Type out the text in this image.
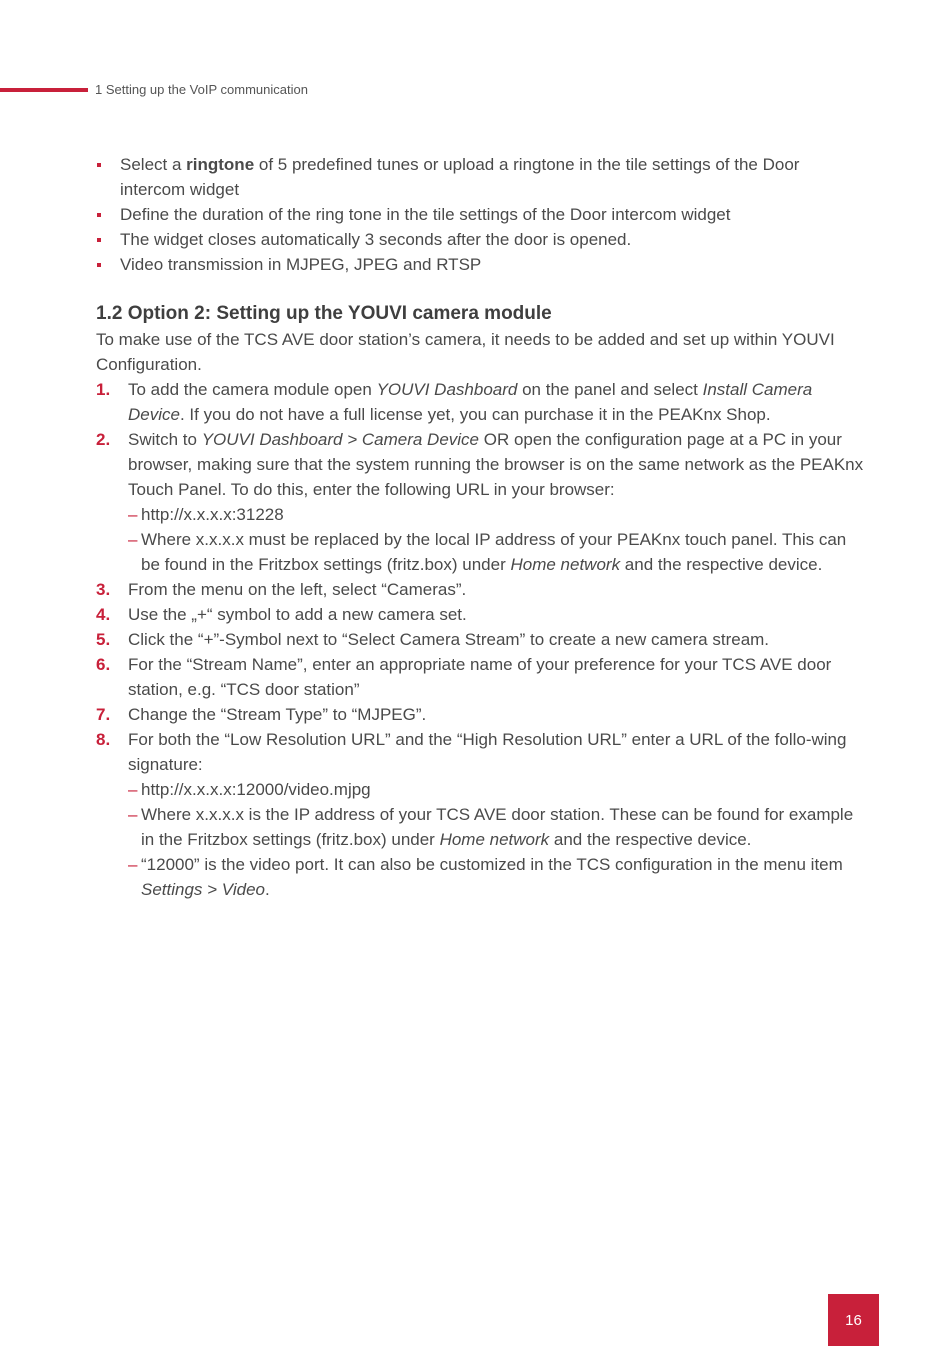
1 Setting up the VoIP communication
Select a ringtone of 5 predefined tunes or upload a ringtone in the tile settings of the Door intercom widget
Define the duration of the ring tone in the tile settings of the Door intercom widget
The widget closes automatically 3 seconds after the door is opened.
Video transmission in MJPEG, JPEG and RTSP
1.2 Option 2: Setting up the YOUVI camera module

To make use of the TCS AVE door station’s camera, it needs to be added and set up within YOUVI Configuration.

1. To add the camera module open YOUVI Dashboard on the panel and select Install Camera Device. If you do not have a full license yet, you can purchase it in the PEAKnx Shop.
2. Switch to YOUVI Dashboard > Camera Device OR open the configuration page at a PC in your browser, making sure that the system running the browser is on the same network as the PEAKnx Touch Panel. To do this, enter the following URL in your browser:
– http://x.x.x.x:31228
– Where x.x.x.x must be replaced by the local IP address of your PEAKnx touch panel. This can be found in the Fritzbox settings (fritz.box) under Home network and the respective device.
3. From the menu on the left, select “Cameras”.
4. Use the „+“ symbol to add a new camera set.
5. Click the “+”-Symbol next to “Select Camera Stream” to create a new camera stream.
6. For the “Stream Name”, enter an appropriate name of your preference for your TCS AVE door station, e.g. “TCS door station”
7. Change the “Stream Type” to “MJPEG”.
8. For both the “Low Resolution URL” and the “High Resolution URL” enter a URL of the follo-wing signature:
– http://x.x.x.x:12000/video.mjpg
– Where x.x.x.x is the IP address of your TCS AVE door station. These can be found for example in the Fritzbox settings (fritz.box) under Home network and the respective device.
– “12000” is the video port. It can also be customized in the TCS configuration in the menu item Settings > Video.
16
